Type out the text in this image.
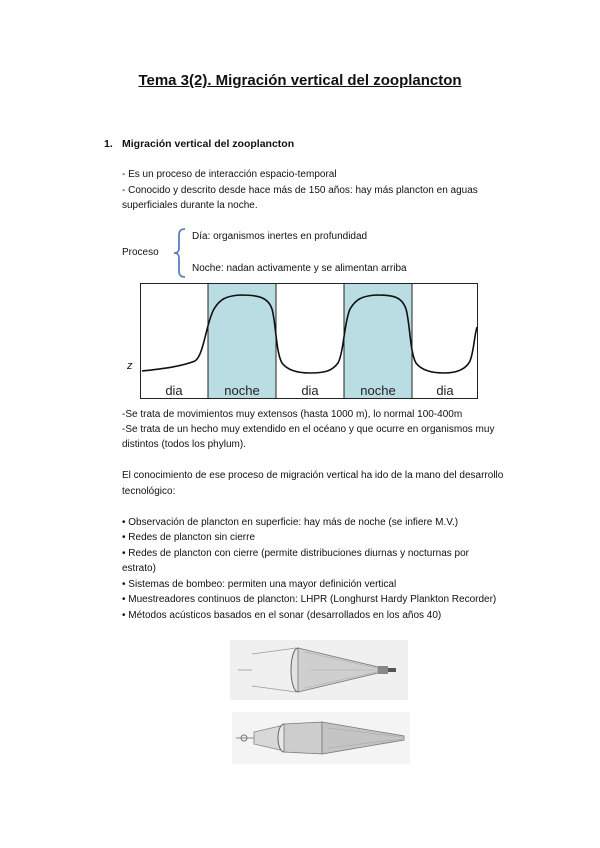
Tema 3(2). Migración vertical del zooplancton
1. Migración vertical del zooplancton
- Es un proceso de interacción espacio-temporal
- Conocido y descrito desde hace más de 150 años: hay más plancton en aguas
superficiales durante la noche.
Proceso
Día: organismos inertes en profundidad
Noche: nadan activamente y se alimentan arriba
z
dia	noche	dia	noche	dia
-Se trata de movimientos muy extensos (hasta 1000 m), lo normal 100-400m
-Se trata de un hecho muy extendido en el océano y que ocurre en organismos muy
distintos (todos los phylum).
El conocimiento de ese proceso de migración vertical ha ido de la mano del desarrollo
tecnológico:
• Observación de plancton en superficie: hay más de noche (se infiere M.V.)
• Redes de plancton sin cierre
• Redes de plancton con cierre (permite distribuciones diurnas y nocturnas por
estrato)
• Sistemas de bombeo: permiten una mayor definición vertical
• Muestreadores continuos de plancton: LHPR (Longhurst Hardy Plankton Recorder)
• Métodos acústicos basados en el sonar (desarrollados en los años 40)
